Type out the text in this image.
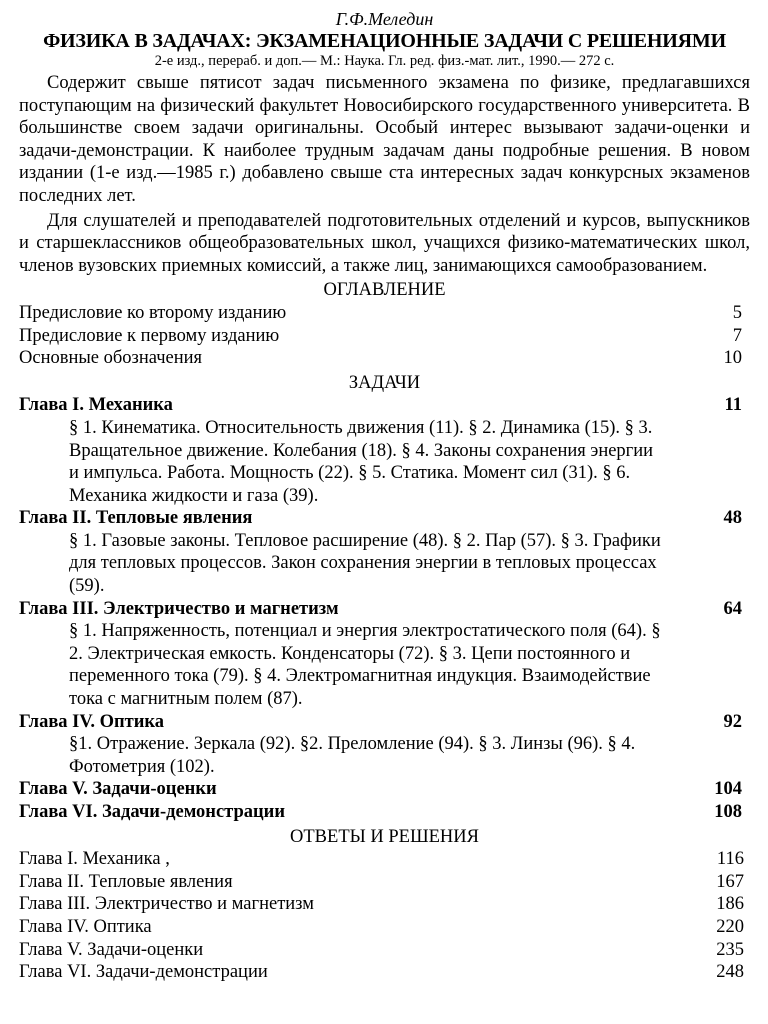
Г.Ф.Меледин
ФИЗИКА В ЗАДАЧАХ: ЭКЗАМЕНАЦИОННЫЕ ЗАДАЧИ С РЕШЕНИЯМИ
2-е изд., перераб. и доп.— М.: Наука. Гл. ред. физ.-мат. лит., 1990.— 272 с.

Содержит свыше пятисот задач письменного экзамена по физике, предлагавшихся поступающим на физический факультет Новосибирского государственного университета. В большинстве своем задачи оригинальны. Особый интерес вызывают задачи-оценки и задачи-демонстрации. К наиболее трудным задачам даны подробные решения. В новом издании (1-е изд.—1985 г.) добавлено свыше ста интересных задач конкурсных экзаменов последних лет.

Для слушателей и преподавателей подготовительных отделений и курсов, выпускников и старшеклассников общеобразовательных школ, учащихся физико-математических школ, членов вузовских приемных комиссий, а также лиц, занимающихся самообразованием.

ОГЛАВЛЕНИЕ
Предисловие ко второму изданию	5
Предисловие к первому изданию	7
Основные обозначения	10
ЗАДАЧИ
Глава I. Механика	11
§ 1. Кинематика. Относительность движения (11). § 2. Динамика (15). § 3. Вращательное движение. Колебания (18). § 4. Законы сохранения энергии и импульса. Работа. Мощность (22). § 5. Статика. Момент сил (31). § 6. Механика жидкости и газа (39).
Глава II. Тепловые явления	48
§ 1. Газовые законы. Тепловое расширение (48). § 2. Пар (57). § 3. Графики для тепловых процессов. Закон сохранения энергии в тепловых процессах (59).
Глава III. Электричество и магнетизм	64
§ 1. Напряженность, потенциал и энергия электростатического поля (64). § 2. Электрическая емкость. Конденсаторы (72). § 3. Цепи постоянного и переменного тока (79). § 4. Электромагнитная индукция. Взаимодействие тока с магнитным полем (87).
Глава IV. Оптика	92
§1. Отражение. Зеркала (92). §2. Преломление (94). § 3. Линзы (96). § 4. Фотометрия (102).
Глава V. Задачи-оценки	104
Глава VI. Задачи-демонстрации	108
ОТВЕТЫ И РЕШЕНИЯ
Глава I. Механика ,	116
Глава II. Тепловые явления	167
Глава III. Электричество и магнетизм	186
Глава IV. Оптика	220
Глава V. Задачи-оценки	235
Глава VI. Задачи-демонстрации	248
